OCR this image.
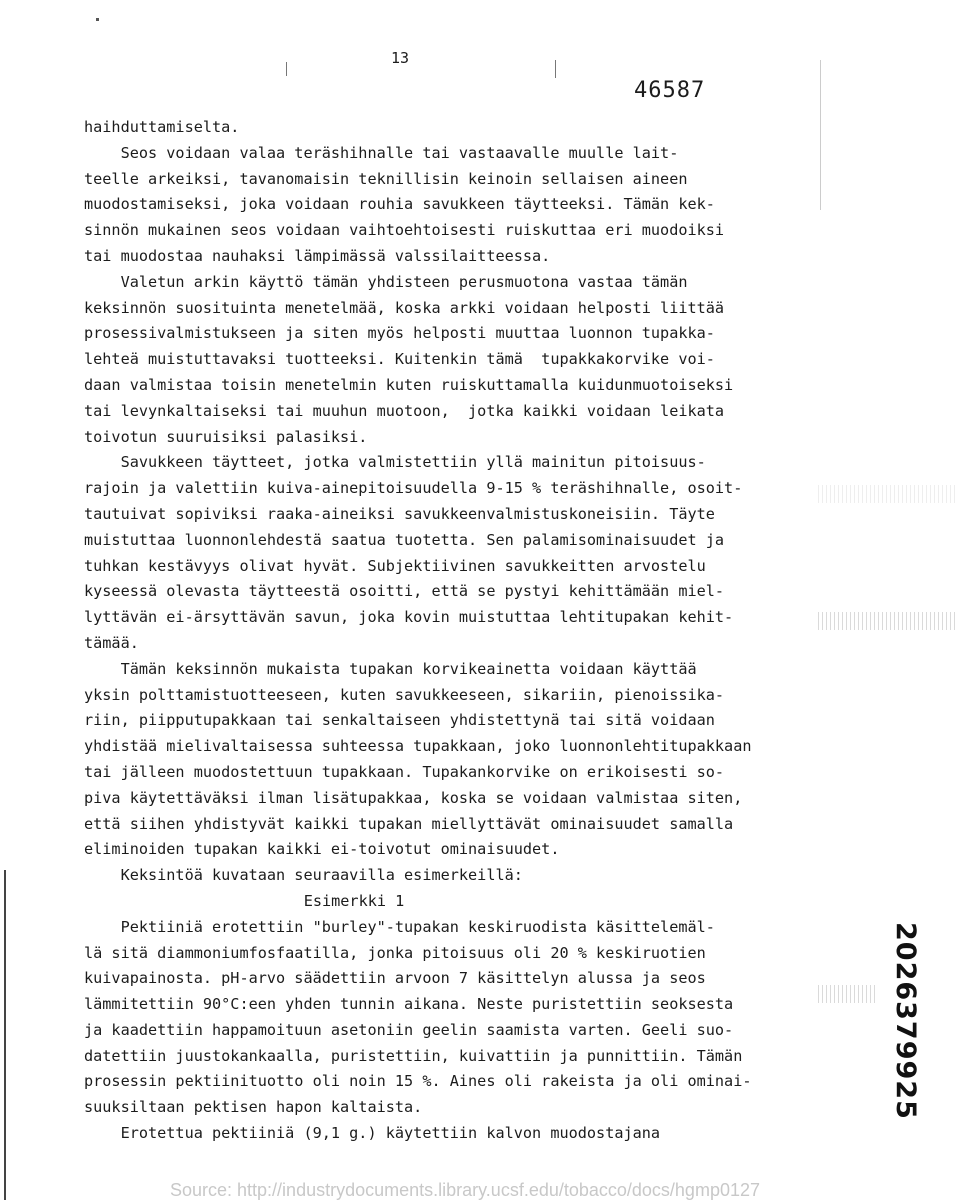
13
46587
haihduttamiselta.
Seos voidaan valaa teräshihnalle tai vastaavalle muulle lait-
teelle arkeiksi, tavanomaisin teknillisin keinoin sellaisen aineen
muodostamiseksi, joka voidaan rouhia savukkeen täytteeksi. Tämän kek-
sinnön mukainen seos voidaan vaihtoehtoisesti ruiskuttaa eri muodoiksi
tai muodostaa nauhaksi lämpimässä valssilaitteessa.
Valetun arkin käyttö tämän yhdisteen perusmuotona vastaa tämän
keksinnön suosituinta menetelmää, koska arkki voidaan helposti liittää
prosessivalmistukseen ja siten myös helposti muuttaa luonnon tupakka-
lehteä muistuttavaksi tuotteeksi. Kuitenkin tämä  tupakkakorvike voi-
daan valmistaa toisin menetelmin kuten ruiskuttamalla kuidunmuotoiseksi
tai levynkaltaiseksi tai muuhun muotoon,  jotka kaikki voidaan leikata
toivotun suuruisiksi palasiksi.
Savukkeen täytteet, jotka valmistettiin yllä mainitun pitoisuus-
rajoin ja valettiin kuiva-ainepitoisuudella 9-15 % teräshihnalle, osoit-
tautuivat sopiviksi raaka-aineiksi savukkeenvalmistuskoneisiin. Täyte
muistuttaa luonnonlehdestä saatua tuotetta. Sen palamisominaisuudet ja
tuhkan kestävyys olivat hyvät. Subjektiivinen savukkeitten arvostelu
kyseessä olevasta täytteestä osoitti, että se pystyi kehittämään miel-
lyttävän ei-ärsyttävän savun, joka kovin muistuttaa lehtitupakan kehit-
tämää.
Tämän keksinnön mukaista tupakan korvikeainetta voidaan käyttää
yksin polttamistuotteeseen, kuten savukkeeseen, sikariin, pienoissika-
riin, piipputupakkaan tai senkaltaiseen yhdistettynä tai sitä voidaan
yhdistää mielivaltaisessa suhteessa tupakkaan, joko luonnonlehtitupakkaan
tai jälleen muodostettuun tupakkaan. Tupakankorvike on erikoisesti so-
piva käytettäväksi ilman lisätupakkaa, koska se voidaan valmistaa siten,
että siihen yhdistyvät kaikki tupakan miellyttävät ominaisuudet samalla
eliminoiden tupakan kaikki ei-toivotut ominaisuudet.
Keksintöä kuvataan seuraavilla esimerkeillä:
Esimerkki 1
Pektiiniä erotettiin "burley"-tupakan keskiruodista käsittelemäl-
lä sitä diammoniumfosfaatilla, jonka pitoisuus oli 20 % keskiruotien
kuivapainosta. pH-arvo säädettiin arvoon 7 käsittelyn alussa ja seos
lämmitettiin 90°C:een yhden tunnin aikana. Neste puristettiin seoksesta
ja kaadettiin happamoituun asetoniin geelin saamista varten. Geeli suo-
datettiin juustokankaalla, puristettiin, kuivattiin ja punnittiin. Tämän
prosessin pektiinituotto oli noin 15 %. Aines oli rakeista ja oli ominai-
suuksiltaan pektisen hapon kaltaista.
Erotettua pektiiniä (9,1 g.) käytettiin kalvon muodostajana
2026379925
Source: http://industrydocuments.library.ucsf.edu/tobacco/docs/hgmp0127
